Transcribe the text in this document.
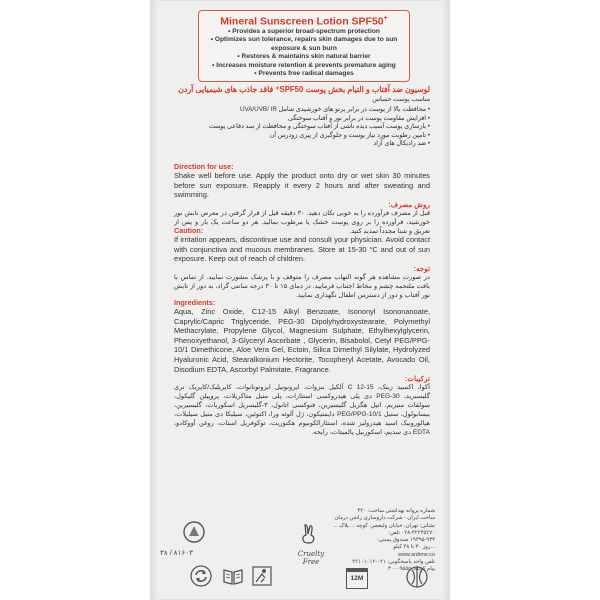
Mineral Sunscreen Lotion SPF50+
• Provides a superior broad-spectrum protection
• Optimizes sun tolerance, repairs skin damages due to sun exposure & sun burn
• Restores & maintains skin natural barrier
• Increases moisture retention & prevents premature aging
• Prevents free radical damages
لوسیون ضد آفتاب و التیام بخش پوست SPF50⁺ فاقد جاذب های شیمیایی آردن
مناسب پوست حساس
• محافظت بالا از پوست در برابر پرتو های خورشیدی شامل UVA/UVB/ IR
• افزایش مقاومت پوست در برابر نور و آفتاب سوختگی
• بازسازی پوست آسیب دیده ناشی از آفتاب سوختگی و محافظت از سد دفاعی پوست
• تامین رطوبت مورد نیاز پوست و جلوگیری از پیری زودرس آن
• ضد رادیکال های آزاد
Direction for use:
Shake well before use. Apply the product onto dry or wet skin 30 minutes before sun exposure. Reapply it every 2 hours and after sweating and swimming.
روش مصرف:
قبل از مصرف فرآورده را به خوبی تکان دهید. ۳۰ دقیقه قبل از قرار گرفتن در معرض تابش نور خورشید، فرآورده را بر روی پوست خشک یا مرطوب بمالید. هر دو ساعت یک بار و پس از تعریق و شنا مجدداً تمدید کنید.
Caution:
If irritation appears, discontinue use and consult your physician. Avoid contact with conjunctiva and mucous membranes. Store at 15-30 °C and out of sun exposure. Keep out of reach of children.
توجه:
در صورت مشاهده هر گونه التهاب مصرف را متوقف و با پزشک مشورت نمایید. از تماس با بافت ملتحمه چشم و مخاط اجتناب فرمایید. در دمای ۱۵ تا ۳۰ درجه سانتی گراد، به دور از تابش نور آفتاب و دور از دسترس اطفال نگهداری نمایید.
Ingredients:
Aqua, Zinc Oxide, C12-15 Alkyl Benzoate, Isononyl Isononanoate, Caprylic/Capric Triglyceride, PEG-30 Dipolyhydroxystearate, Polymethyl Methacrylate, Propylene Glycol, Magnesium Sulphate, Ethylhexylglycerin, Phenoxyethanol, 3-Glyceryl Ascorbate , Glycerin, Bisabolol, Cetyl PEG/PPG-10/1 Dimethicone, Aloe Vera Gel, Ectoin, Silica Dimethyl Silylate, Hydrolyzed Hyaluronic Acid, Stearalkonium Hectorite, Tocopheryl Acetate, Avocado Oil, Disodium EDTA, Ascorbyl Palmitate, Fragrance.
ترکیبات:
آکوا، اکسید زینک، C 12-15 آلکیل بنزوات، ایزونونیل ایزونونانوات، کاپریلیک/کاپریک تری گلیسیرید، PEG-30 دی پلی هیدروکسی استئارات، پلی متیل متاکریلات، پروپیلن گلیکول، سولفات منیزیم، اتیل هگزیل گلیسیرین، فنوکسی اتانول، ۳-گلیسریل اسکوربات، گلیسیرین، بیسابولول، ستیل PEG/PPG-10/1 دایمتیکون، ژل آلوئه ورا، اکتوئین، سیلیکا دی متیل سیلیلات، هیالورونیک اسید هیدرولیز شده، استئارالکونیوم هکتوریت، توکوفریل استات، روغن آووکادو، EDTA دی سدیم، اسکوربیل پالمیتات، رایحه.
شماره پروانه بهداشتی ساخت: ۳۲۰
ساخت ایران - شرکت داروسازی راشن درمان
نشانی: تهران، خیابان ولیعصر، کوچه ... پلاک ...
۰۲۸-۳۲۲۴۵۲۷۰ تلفن:
۱۹۳۹۵-۹۳۳ صندوق پستی:
...روز ۳۰ تا ۴۸ کیلو
www.ardene.co
تلفن واحد پاسخگویی: ۰۲۱-۲۲۱۰۱۰۱۲
پیام کوتاه: ۳۰۰۰۹۵۵۵
۸۱۶۰۳ / ۳۸	Cruelty
Free
12M
